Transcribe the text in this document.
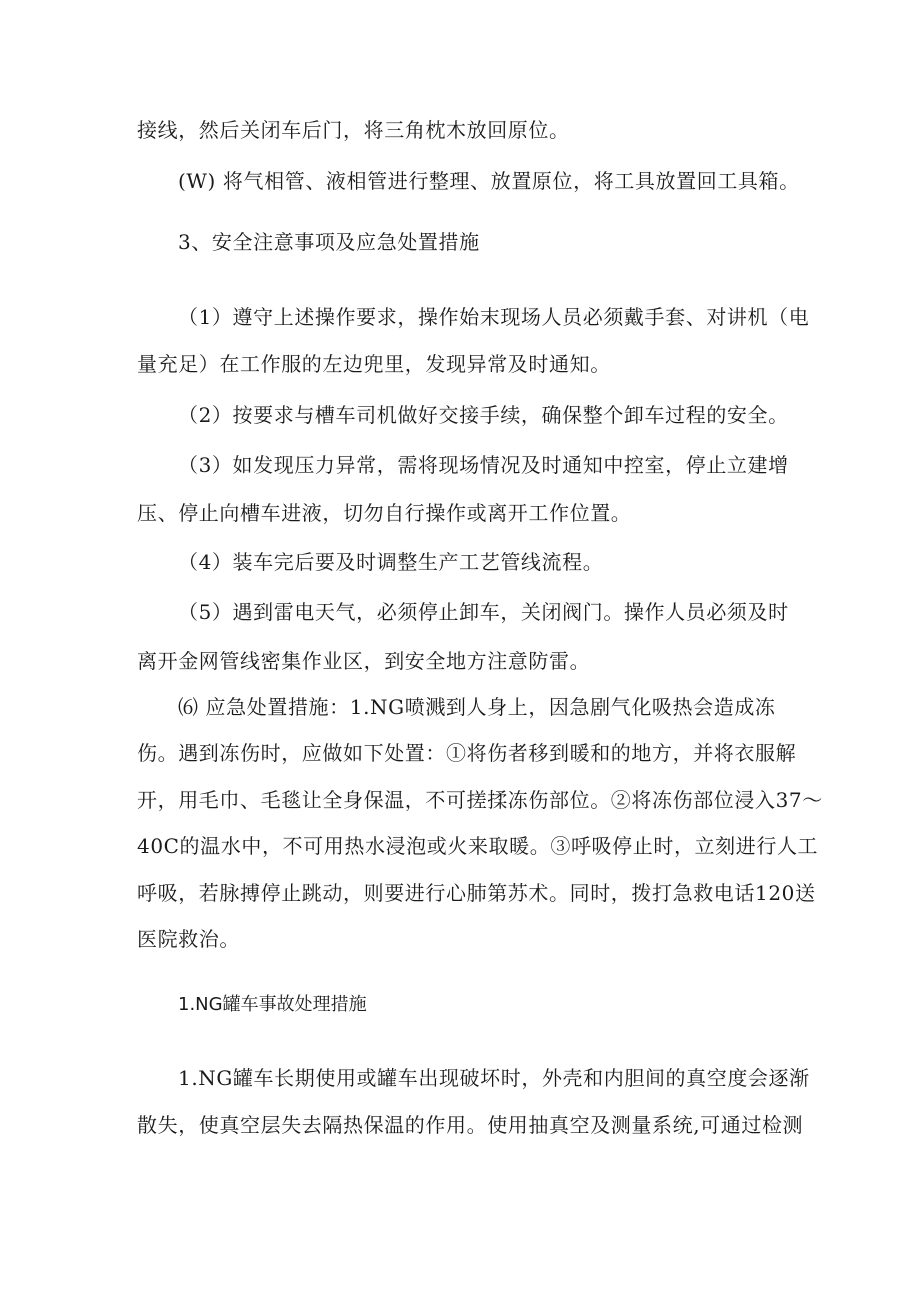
接线，然后关闭车后门，将三角枕木放回原位。
(W) 将气相管、液相管进行整理、放置原位，将工具放置回工具箱。
3、安全注意事项及应急处置措施
（1）遵守上述操作要求，操作始末现场人员必须戴手套、对讲机（电
量充足）在工作服的左边兜里，发现异常及时通知。
（2）按要求与槽车司机做好交接手续，确保整个卸车过程的安全。
（3）如发现压力异常，需将现场情况及时通知中控室，停止立建增
压、停止向槽车进液，切勿自行操作或离开工作位置。
（4）装车完后要及时调整生产工艺管线流程。
（5）遇到雷电天气，必须停止卸车，关闭阀门。操作人员必须及时
离开金网管线密集作业区，到安全地方注意防雷。
⑹ 应急处置措施：1.NG喷溅到人身上，因急剧气化吸热会造成冻
伤。遇到冻伤时，应做如下处置：①将伤者移到暖和的地方，并将衣服解
开，用毛巾、毛毯让全身保温，不可搓揉冻伤部位。②将冻伤部位浸入37～
40C的温水中，不可用热水浸泡或火来取暖。③呼吸停止时，立刻进行人工
呼吸，若脉搏停止跳动，则要进行心肺第苏术。同时，拨打急救电话120送
医院救治。
1.NG罐车事故处理措施
1.NG罐车长期使用或罐车出现破坏时，外壳和内胆间的真空度会逐渐
散失，使真空层失去隔热保温的作用。使用抽真空及测量系统,可通过检测
